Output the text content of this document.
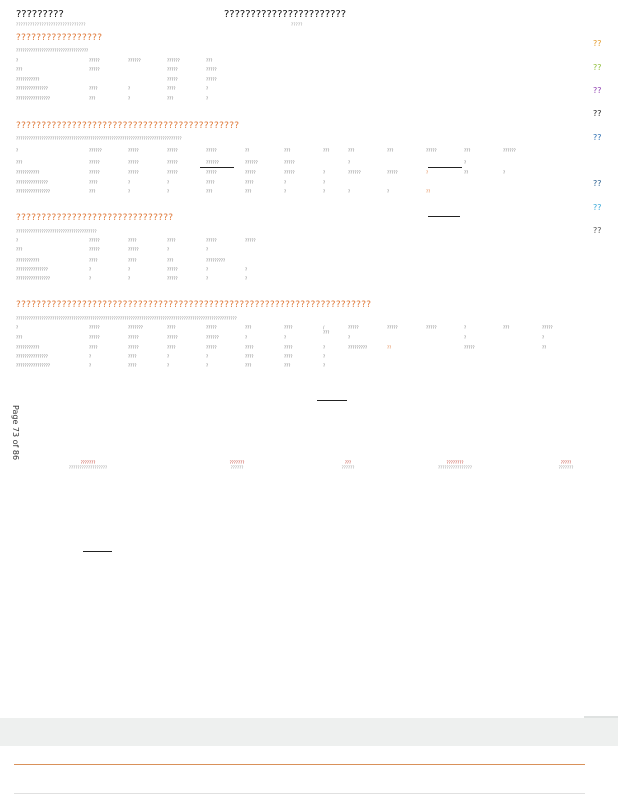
?????????
??????????????????????????????
???????????????????????
?????
??
??
??
??
??
??
??
??
?????????????????
??????????????????????????????????
?	?????	??????	??????	???
???	?????	?????	?????
???????????	?????	?????
???????????????	????	?	????	?
????????????????	???	?	???	?
????????????????????????????????????????????
??????????????????????????????????????????????????????????????????????????????
?	??????	?????	?????	?????	??	???	???	???	???	?????	???	??????
???	?????	?????	?????	??????	??????	?????	?	?
???????????	?????	?????	?????	?????	?????	?????	?	??????	?????	?	??	?
???????????????	????	?	?	????	????	?	?
????????????????	???	?	?	???	???	?	?	?	?	??
???????????????????????????????
??????????????????????????????????????
?	?????	????	????	?????	?????
???	?????	?????	?	?
???????????	????	????	???	?????????
???????????????	?	?	?????	?	?
????????????????	?	?	?????	?	?
??????????????????????????????????????????????????????????????????????
????????????????????????????????????????????????????????????????????????????????????????????????????????
?	?????	???????	????	?????	???	????	/ ???
?????	?????	?????	?	???	?????
???	?????	?????	?????	??????	?	?	?	?	?
???????????	????	?????	????	?????	????	????	?	?????????	??	?????	??
???????????????	?	????	?	?	????	????	?
????????????????	?	????	?	?	???	???	?
Page 73 of 86
???????
??????????????????
???????
??????
???
??????
????????
????????????????
?????
???????
